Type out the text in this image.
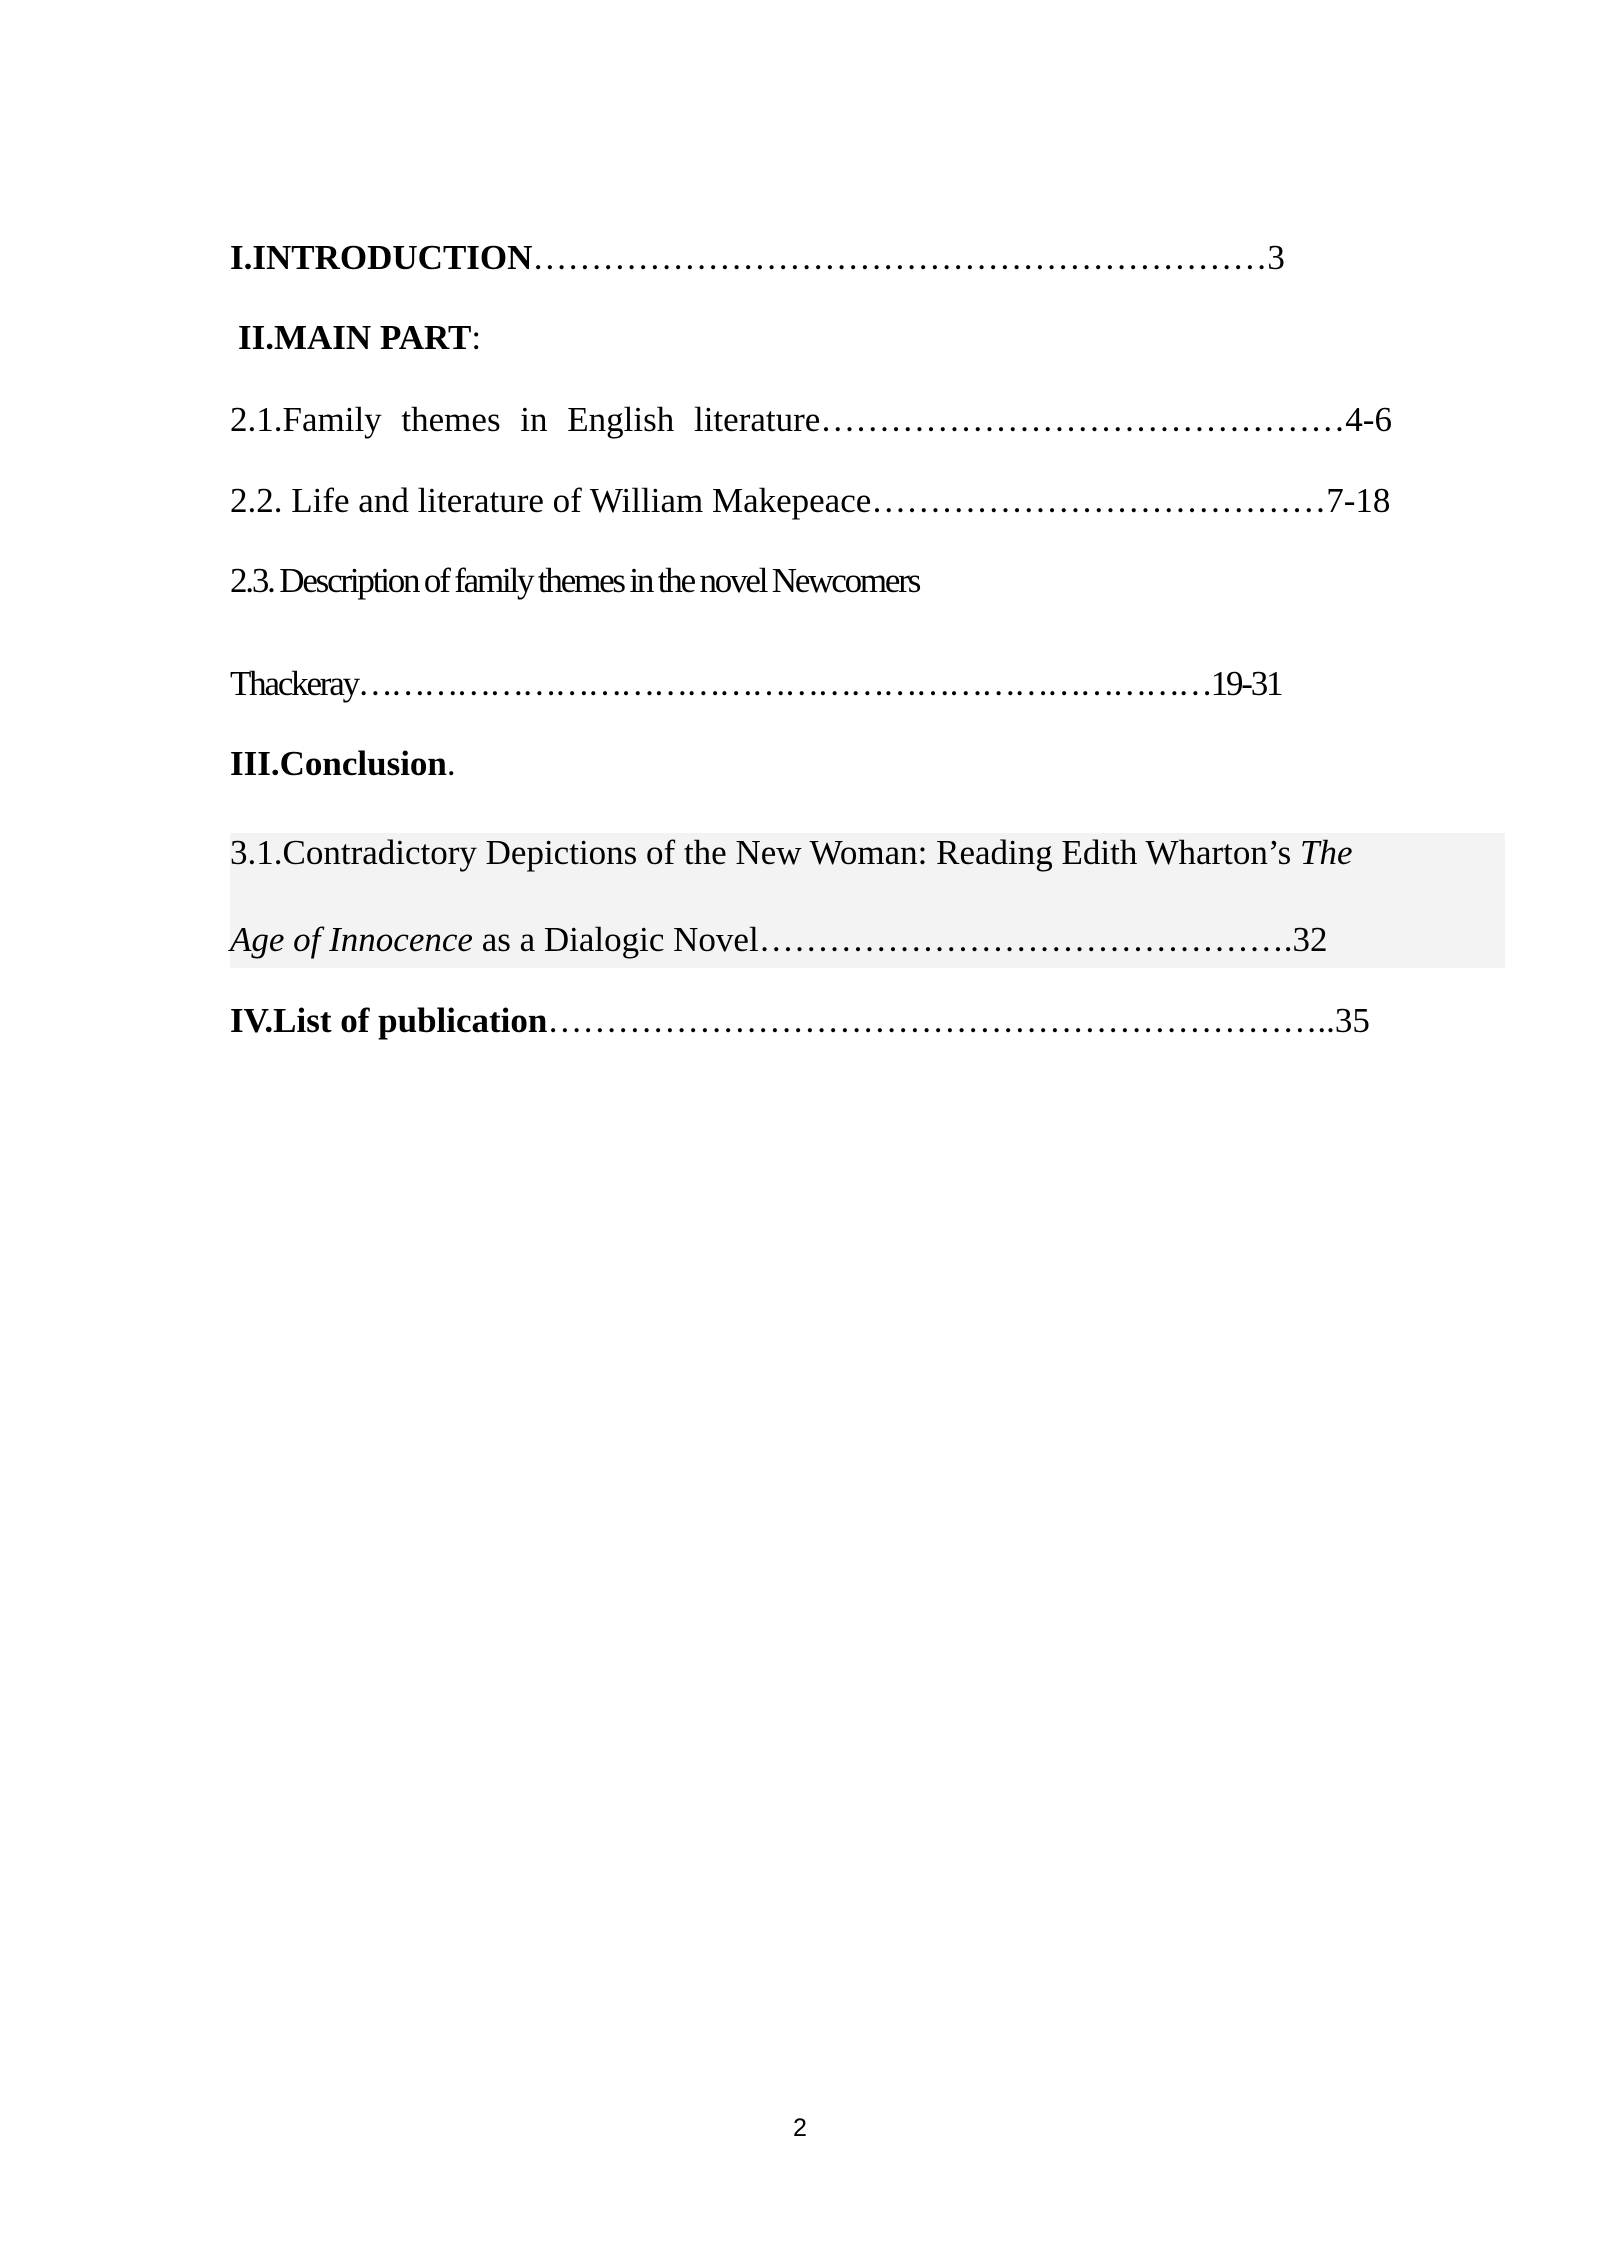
I.INTRODUCTION………………………………………………………3
II.MAIN PART:
2.1.Family themes in English literature………………………………………4-6
2.2. Life and literature of William Makepeace…………………………………7-18
2.3. Description of family themes in the novel Newcomers
Thackeray……………………………………………………………………19-31
III.Conclusion.
3.1.Contradictory Depictions of the New Woman: Reading Edith Wharton’s The
Age of Innocence as a Dialogic Novel……………………………………….32
IV.List of publication…………………………………………………………..35
2
